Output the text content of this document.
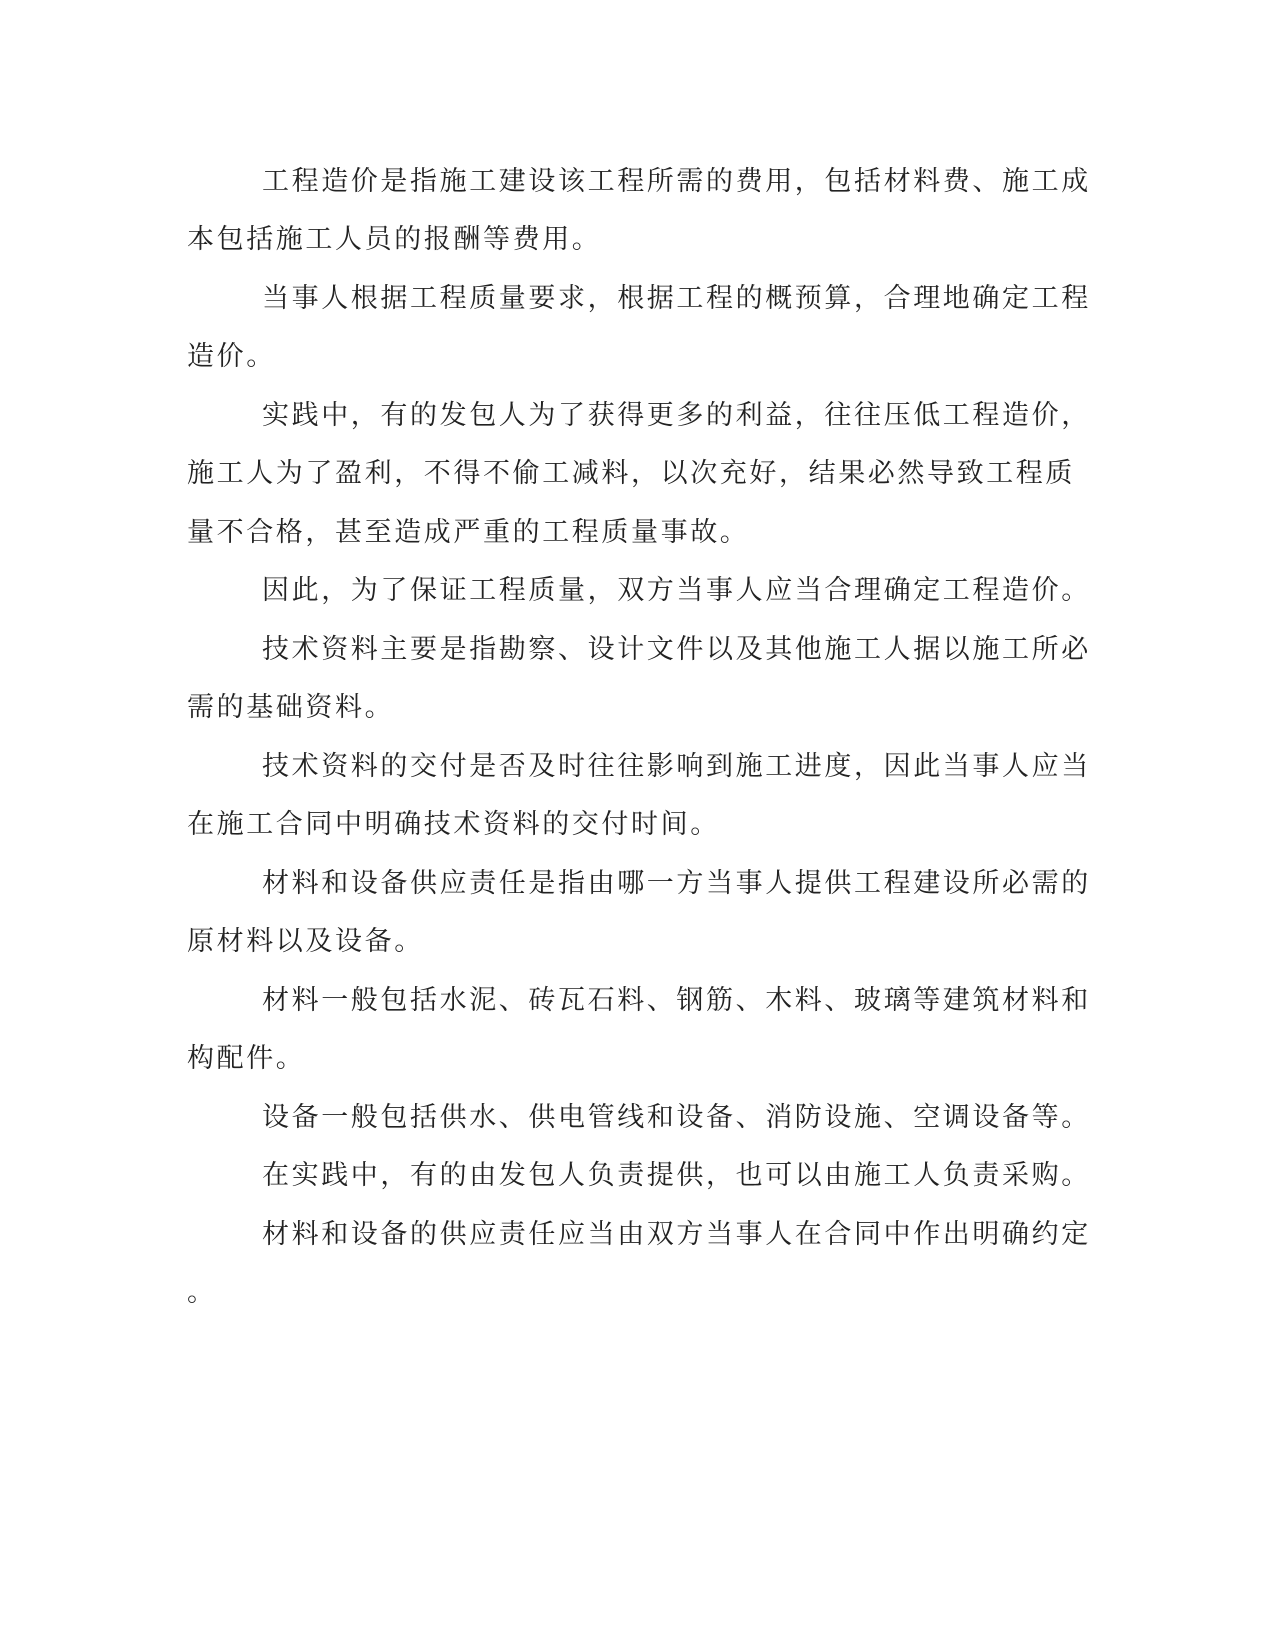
工程造价是指施工建设该工程所需的费用，包括材料费、施工成
本包括施工人员的报酬等费用。
当事人根据工程质量要求，根据工程的概预算，合理地确定工程
造价。
实践中，有的发包人为了获得更多的利益，往往压低工程造价，
施工人为了盈利，不得不偷工减料，以次充好，结果必然导致工程质
量不合格，甚至造成严重的工程质量事故。
因此，为了保证工程质量，双方当事人应当合理确定工程造价。
技术资料主要是指勘察、设计文件以及其他施工人据以施工所必
需的基础资料。
技术资料的交付是否及时往往影响到施工进度，因此当事人应当
在施工合同中明确技术资料的交付时间。
材料和设备供应责任是指由哪一方当事人提供工程建设所必需的
原材料以及设备。
材料一般包括水泥、砖瓦石料、钢筋、木料、玻璃等建筑材料和
构配件。
设备一般包括供水、供电管线和设备、消防设施、空调设备等。
在实践中，有的由发包人负责提供，也可以由施工人负责采购。
材料和设备的供应责任应当由双方当事人在合同中作出明确约定
。
